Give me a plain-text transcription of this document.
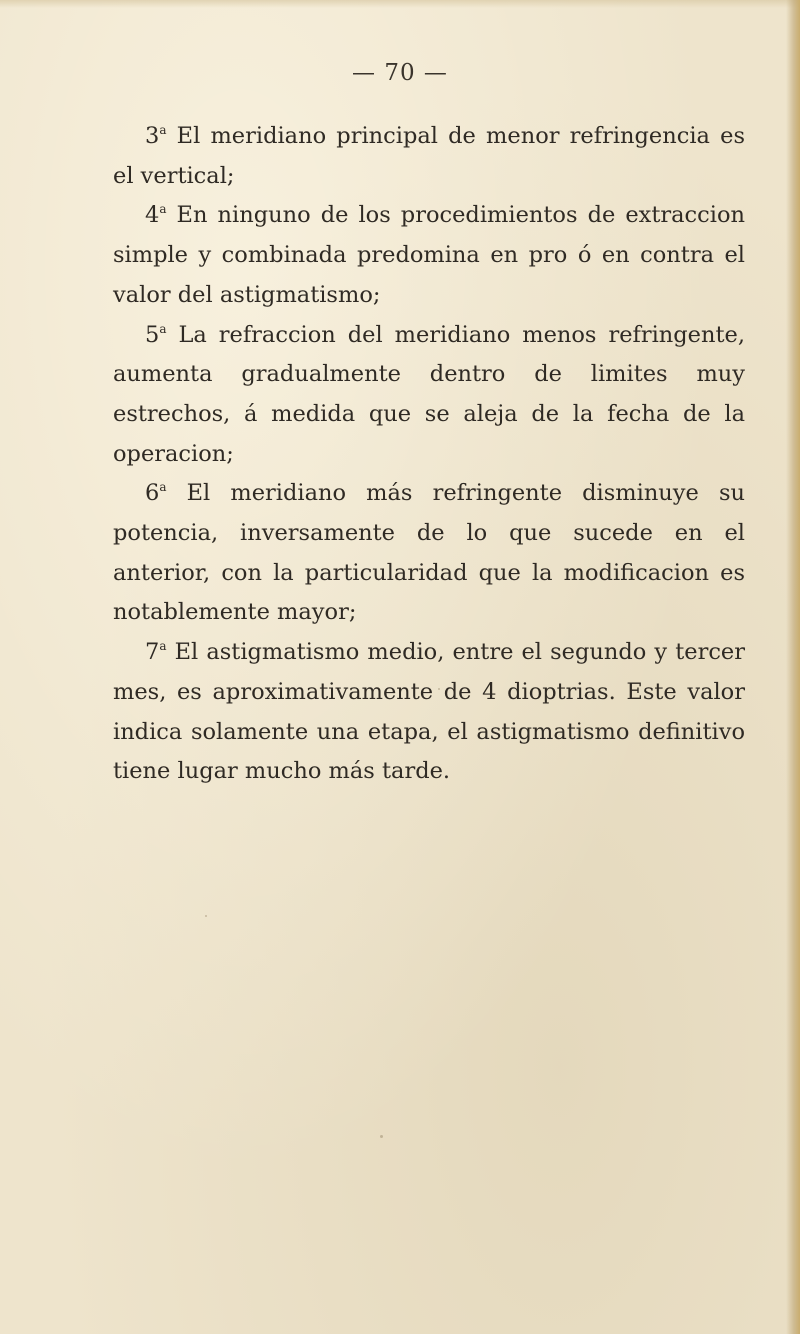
— 70 —

3$^a$ El meridiano principal de menor refringencia es el vertical;

4$^a$ En ninguno de los procedimientos de extraccion simple y combinada predomina en pro ó en contra el valor del astigmatismo;

5$^a$ La refraccion del meridiano menos refringente, aumenta gradualmente dentro de limites muy estrechos, á medida que se aleja de la fecha de la operacion;

6$^a$ El meridiano más refringente disminuye su potencia, inversamente de lo que sucede en el anterior, con la particularidad que la modificacion es notablemente mayor;

7$^a$ El astigmatismo medio, entre el segundo y tercer mes, es aproximativamente de 4 dioptrias. Este valor indica solamente una etapa, el astigmatismo definitivo tiene lugar mucho más tarde.
